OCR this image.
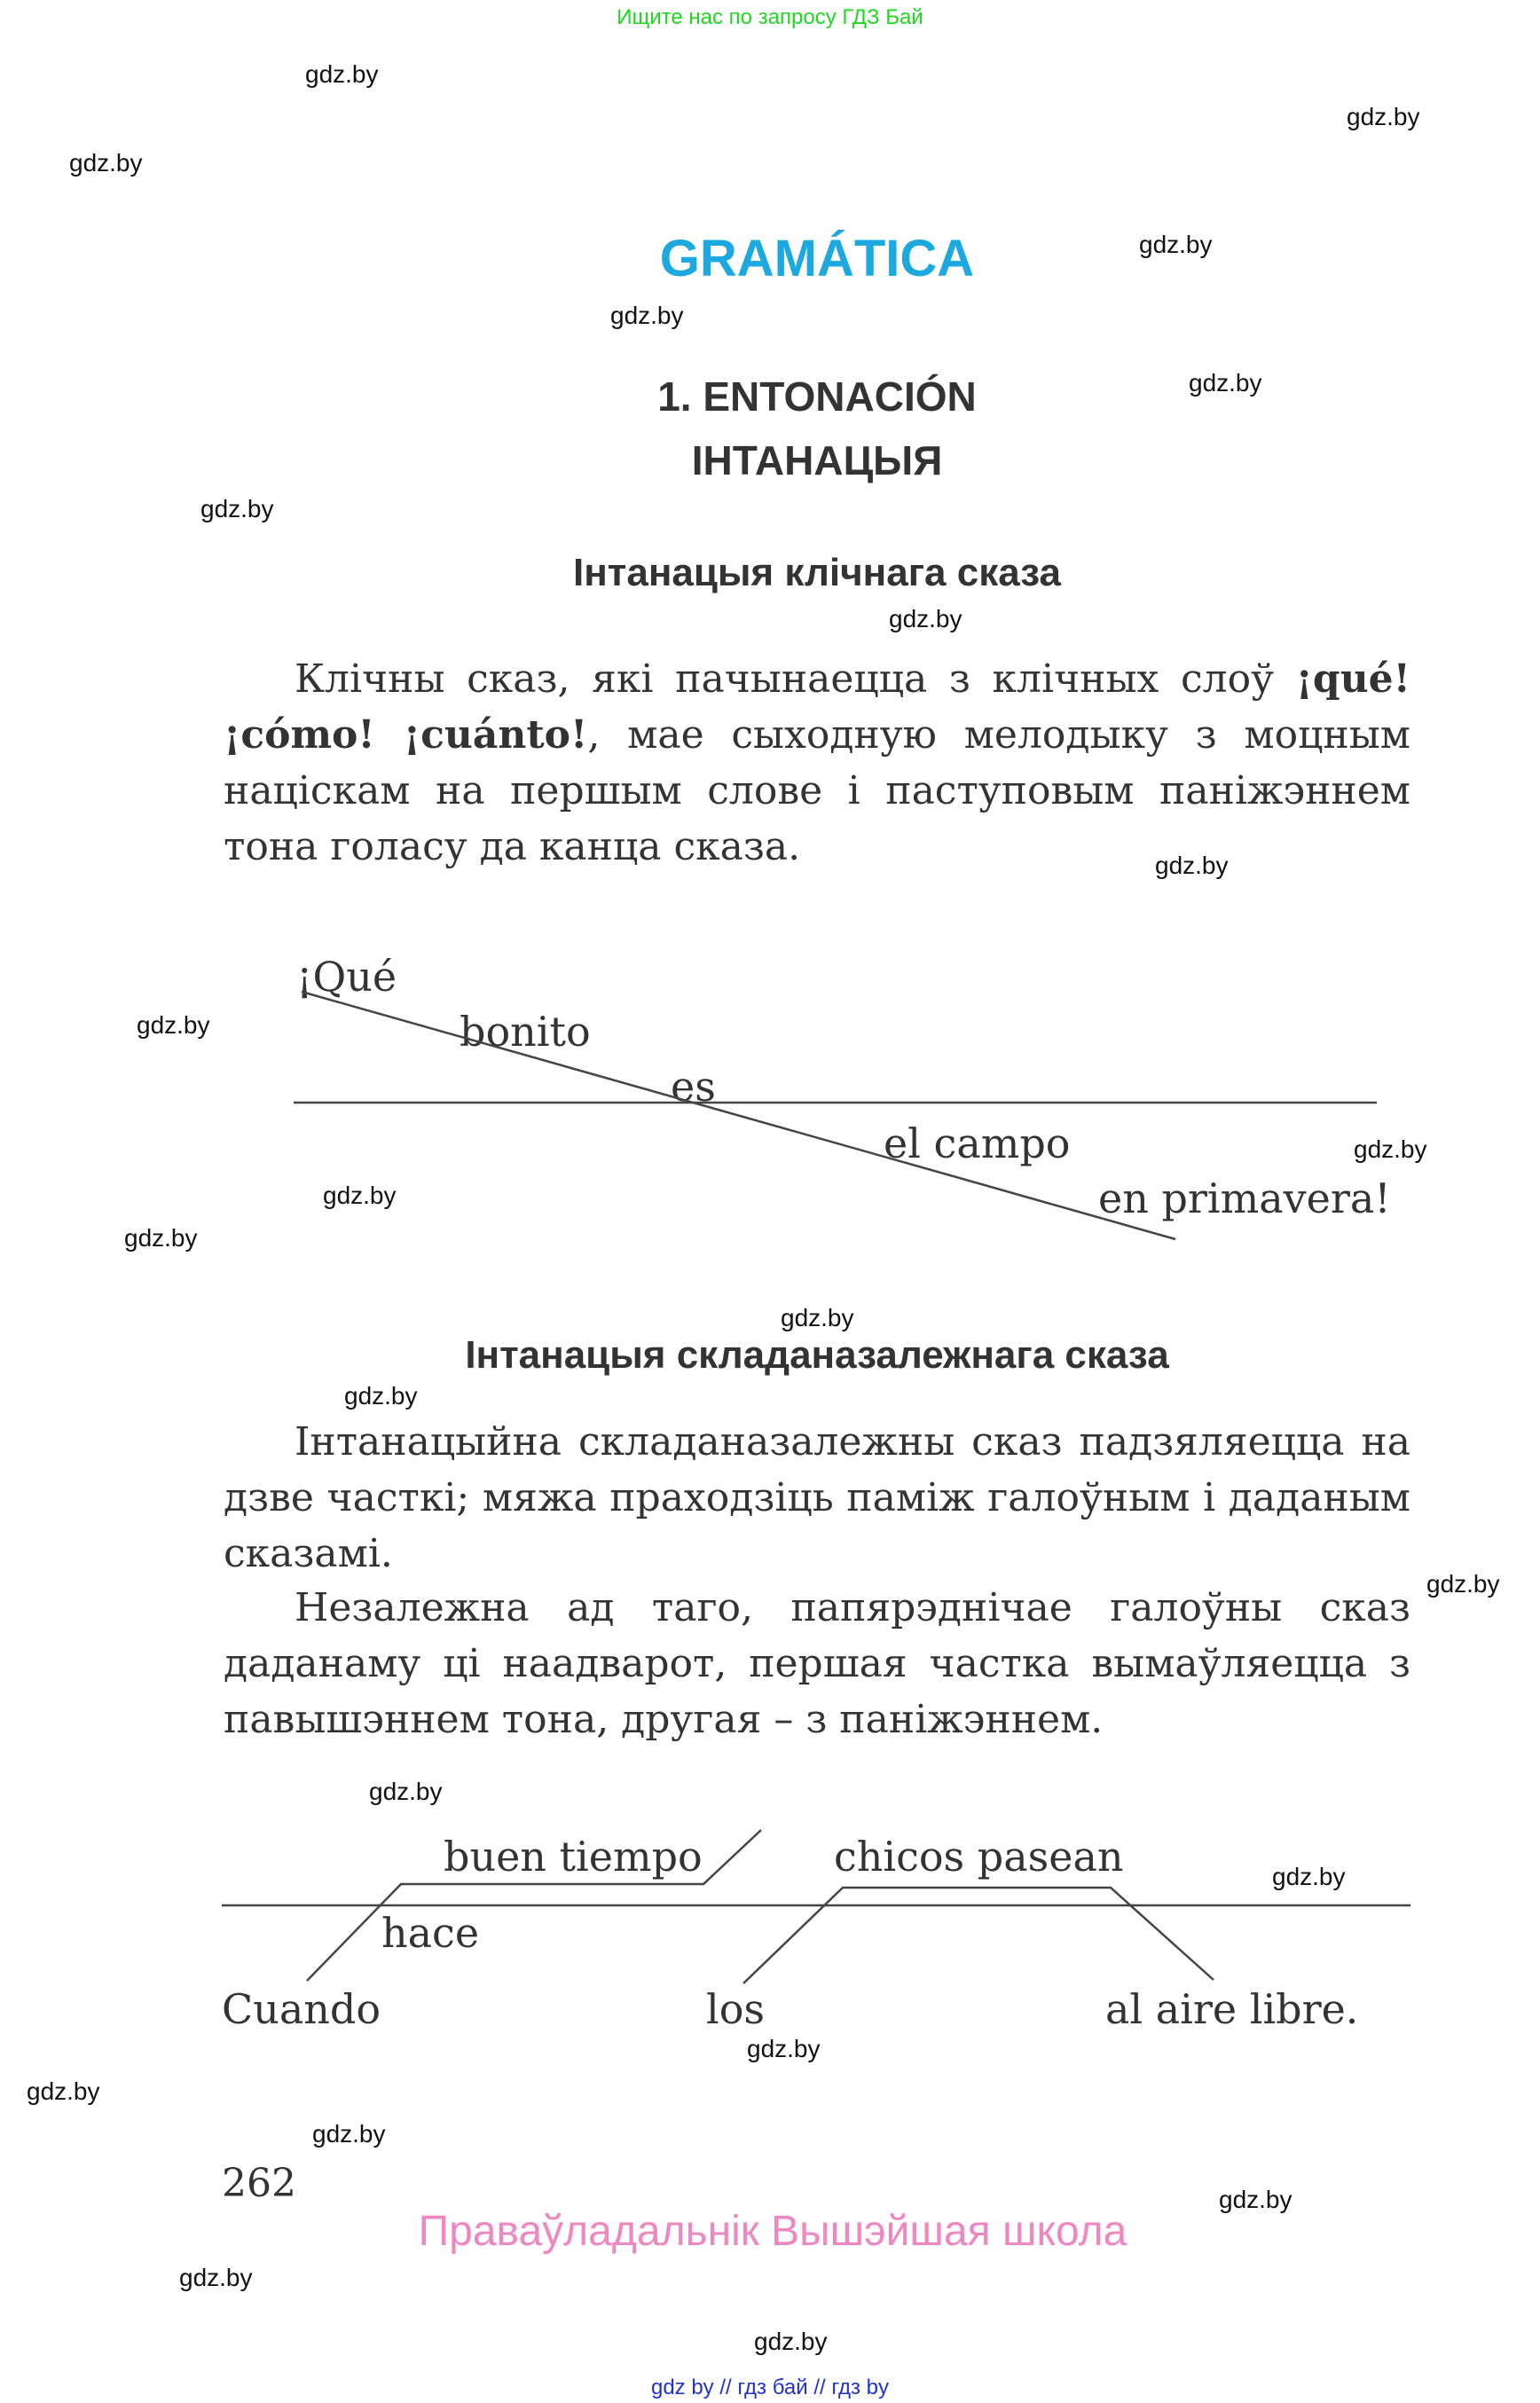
Ищите нас по запросу ГДЗ Бай
gdz.by
gdz.by
gdz.by
gdz.by
gdz.by
gdz.by
gdz.by
gdz.by
gdz.by
gdz.by
gdz.by
gdz.by
gdz.by
gdz.by
gdz.by
gdz.by
gdz.by
gdz.by
gdz.by
gdz.by
gdz.by
gdz.by
gdz.by
gdz.by
GRAMÁTICA
1. ENTONACIÓN
ІНТАНАЦЫЯ
Інтанацыя клічнага сказа
Клічны сказ, які пачынаецца з клічных слоў ¡qué! ¡cómo! ¡cuánto!, мае сыходную мелодыку з моцным націскам на першым слове і паступовым паніжэннем тона голасу да канца сказа.
¡Qué
bonito
es
el campo
en primavera!
Інтанацыя складаназалежнага сказа
Інтанацыйна складаназалежны сказ падзяляецца на дзве часткі; мяжа праходзіць паміж галоўным і даданым сказамі.
Незалежна ад таго, папярэднічае галоўны сказ даданаму ці наадварот, першая частка вымаўляецца з павышэннем тона, другая – з паніжэннем.
Cuando
hace
buen tiempo
los
chicos pasean
al aire libre.
262
Праваўладальнік Вышэйшая школа
gdz by // гдз бай // гдз by
